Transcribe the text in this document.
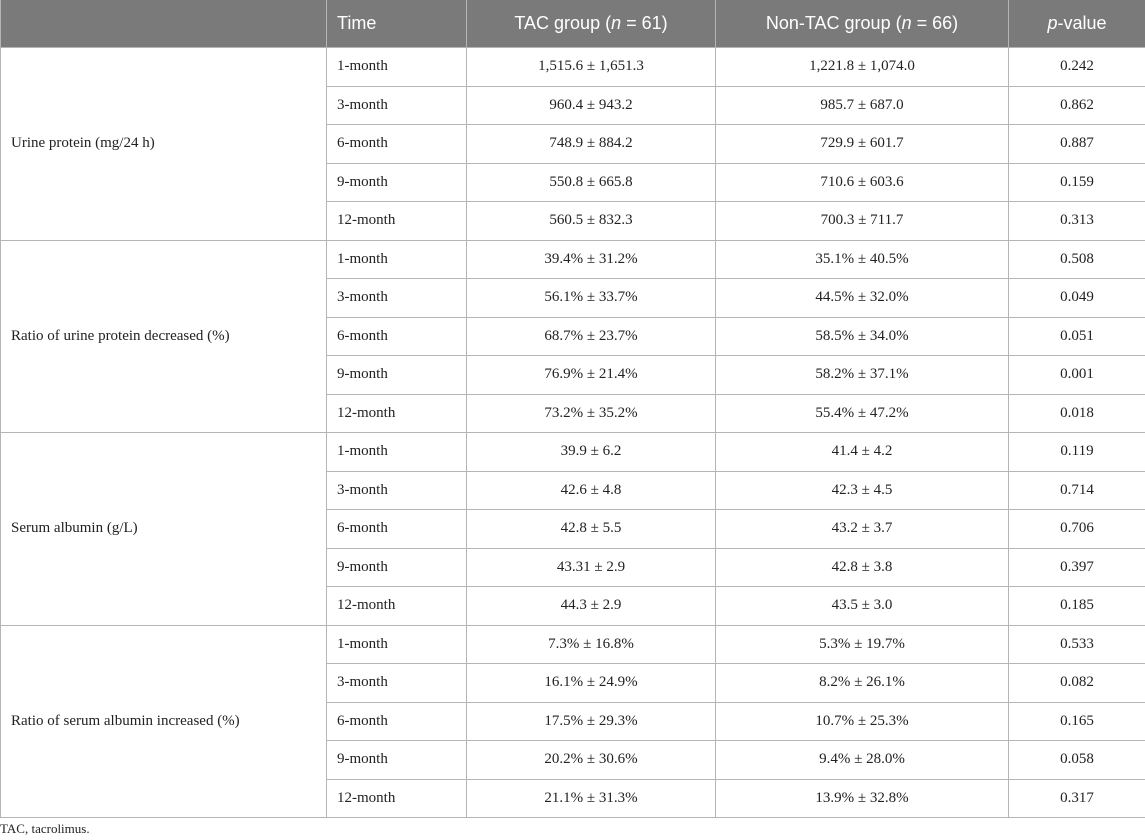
	Time	TAC group (n = 61)	Non-TAC group (n = 66)	p-value
Urine protein (mg/24 h)	1-month	1,515.6 ± 1,651.3	1,221.8 ± 1,074.0	0.242
	3-month	960.4 ± 943.2	985.7 ± 687.0	0.862
	6-month	748.9 ± 884.2	729.9 ± 601.7	0.887
	9-month	550.8 ± 665.8	710.6 ± 603.6	0.159
	12-month	560.5 ± 832.3	700.3 ± 711.7	0.313
Ratio of urine protein decreased (%)	1-month	39.4% ± 31.2%	35.1% ± 40.5%	0.508
	3-month	56.1% ± 33.7%	44.5% ± 32.0%	0.049
	6-month	68.7% ± 23.7%	58.5% ± 34.0%	0.051
	9-month	76.9% ± 21.4%	58.2% ± 37.1%	0.001
	12-month	73.2% ± 35.2%	55.4% ± 47.2%	0.018
Serum albumin (g/L)	1-month	39.9 ± 6.2	41.4 ± 4.2	0.119
	3-month	42.6 ± 4.8	42.3 ± 4.5	0.714
	6-month	42.8 ± 5.5	43.2 ± 3.7	0.706
	9-month	43.31 ± 2.9	42.8 ± 3.8	0.397
	12-month	44.3 ± 2.9	43.5 ± 3.0	0.185
Ratio of serum albumin increased (%)	1-month	7.3% ± 16.8%	5.3% ± 19.7%	0.533
	3-month	16.1% ± 24.9%	8.2% ± 26.1%	0.082
	6-month	17.5% ± 29.3%	10.7% ± 25.3%	0.165
	9-month	20.2% ± 30.6%	9.4% ± 28.0%	0.058
	12-month	21.1% ± 31.3%	13.9% ± 32.8%	0.317
TAC, tacrolimus.
